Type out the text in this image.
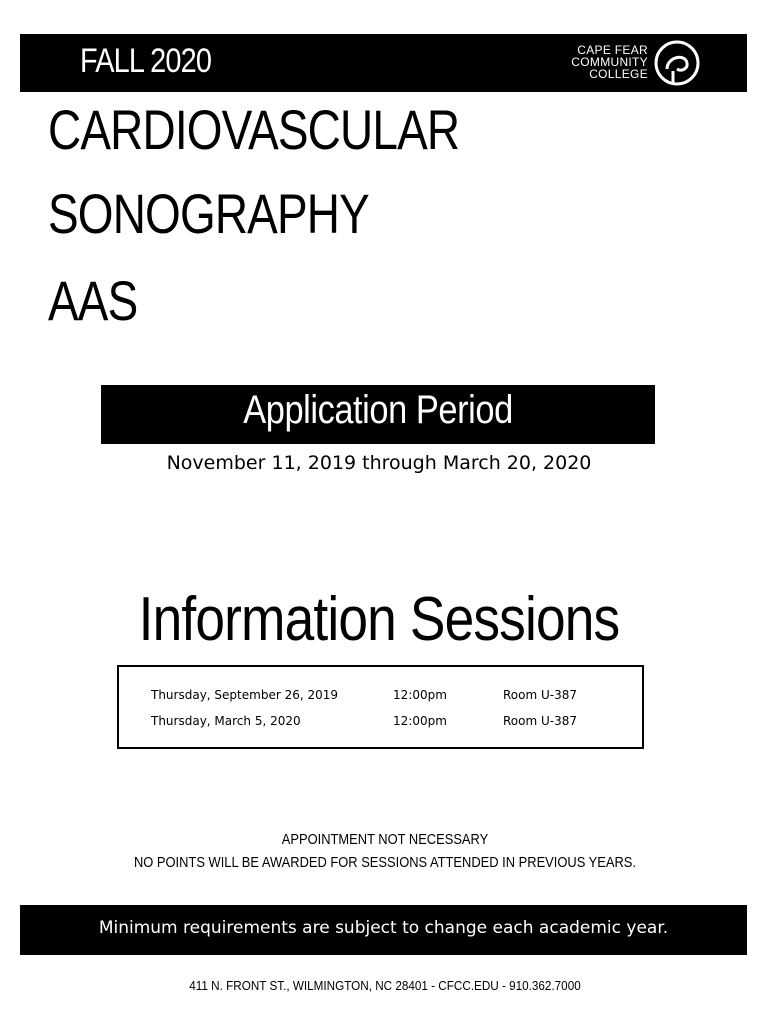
FALL 2020	CAPE FEAR
COMMUNITY
COLLEGE
CARDIOVASCULAR
SONOGRAPHY
AAS
Application Period
November 11, 2019 through March 20, 2020
Information Sessions
Thursday, September 26, 2019	12:00pm	Room U-387
Thursday, March 5, 2020	12:00pm	Room U-387
APPOINTMENT NOT NECESSARY
NO POINTS WILL BE AWARDED FOR SESSIONS ATTENDED IN PREVIOUS YEARS.
Minimum requirements are subject to change each academic year.
411 N. FRONT ST., WILMINGTON, NC 28401 - CFCC.EDU - 910.362.7000
